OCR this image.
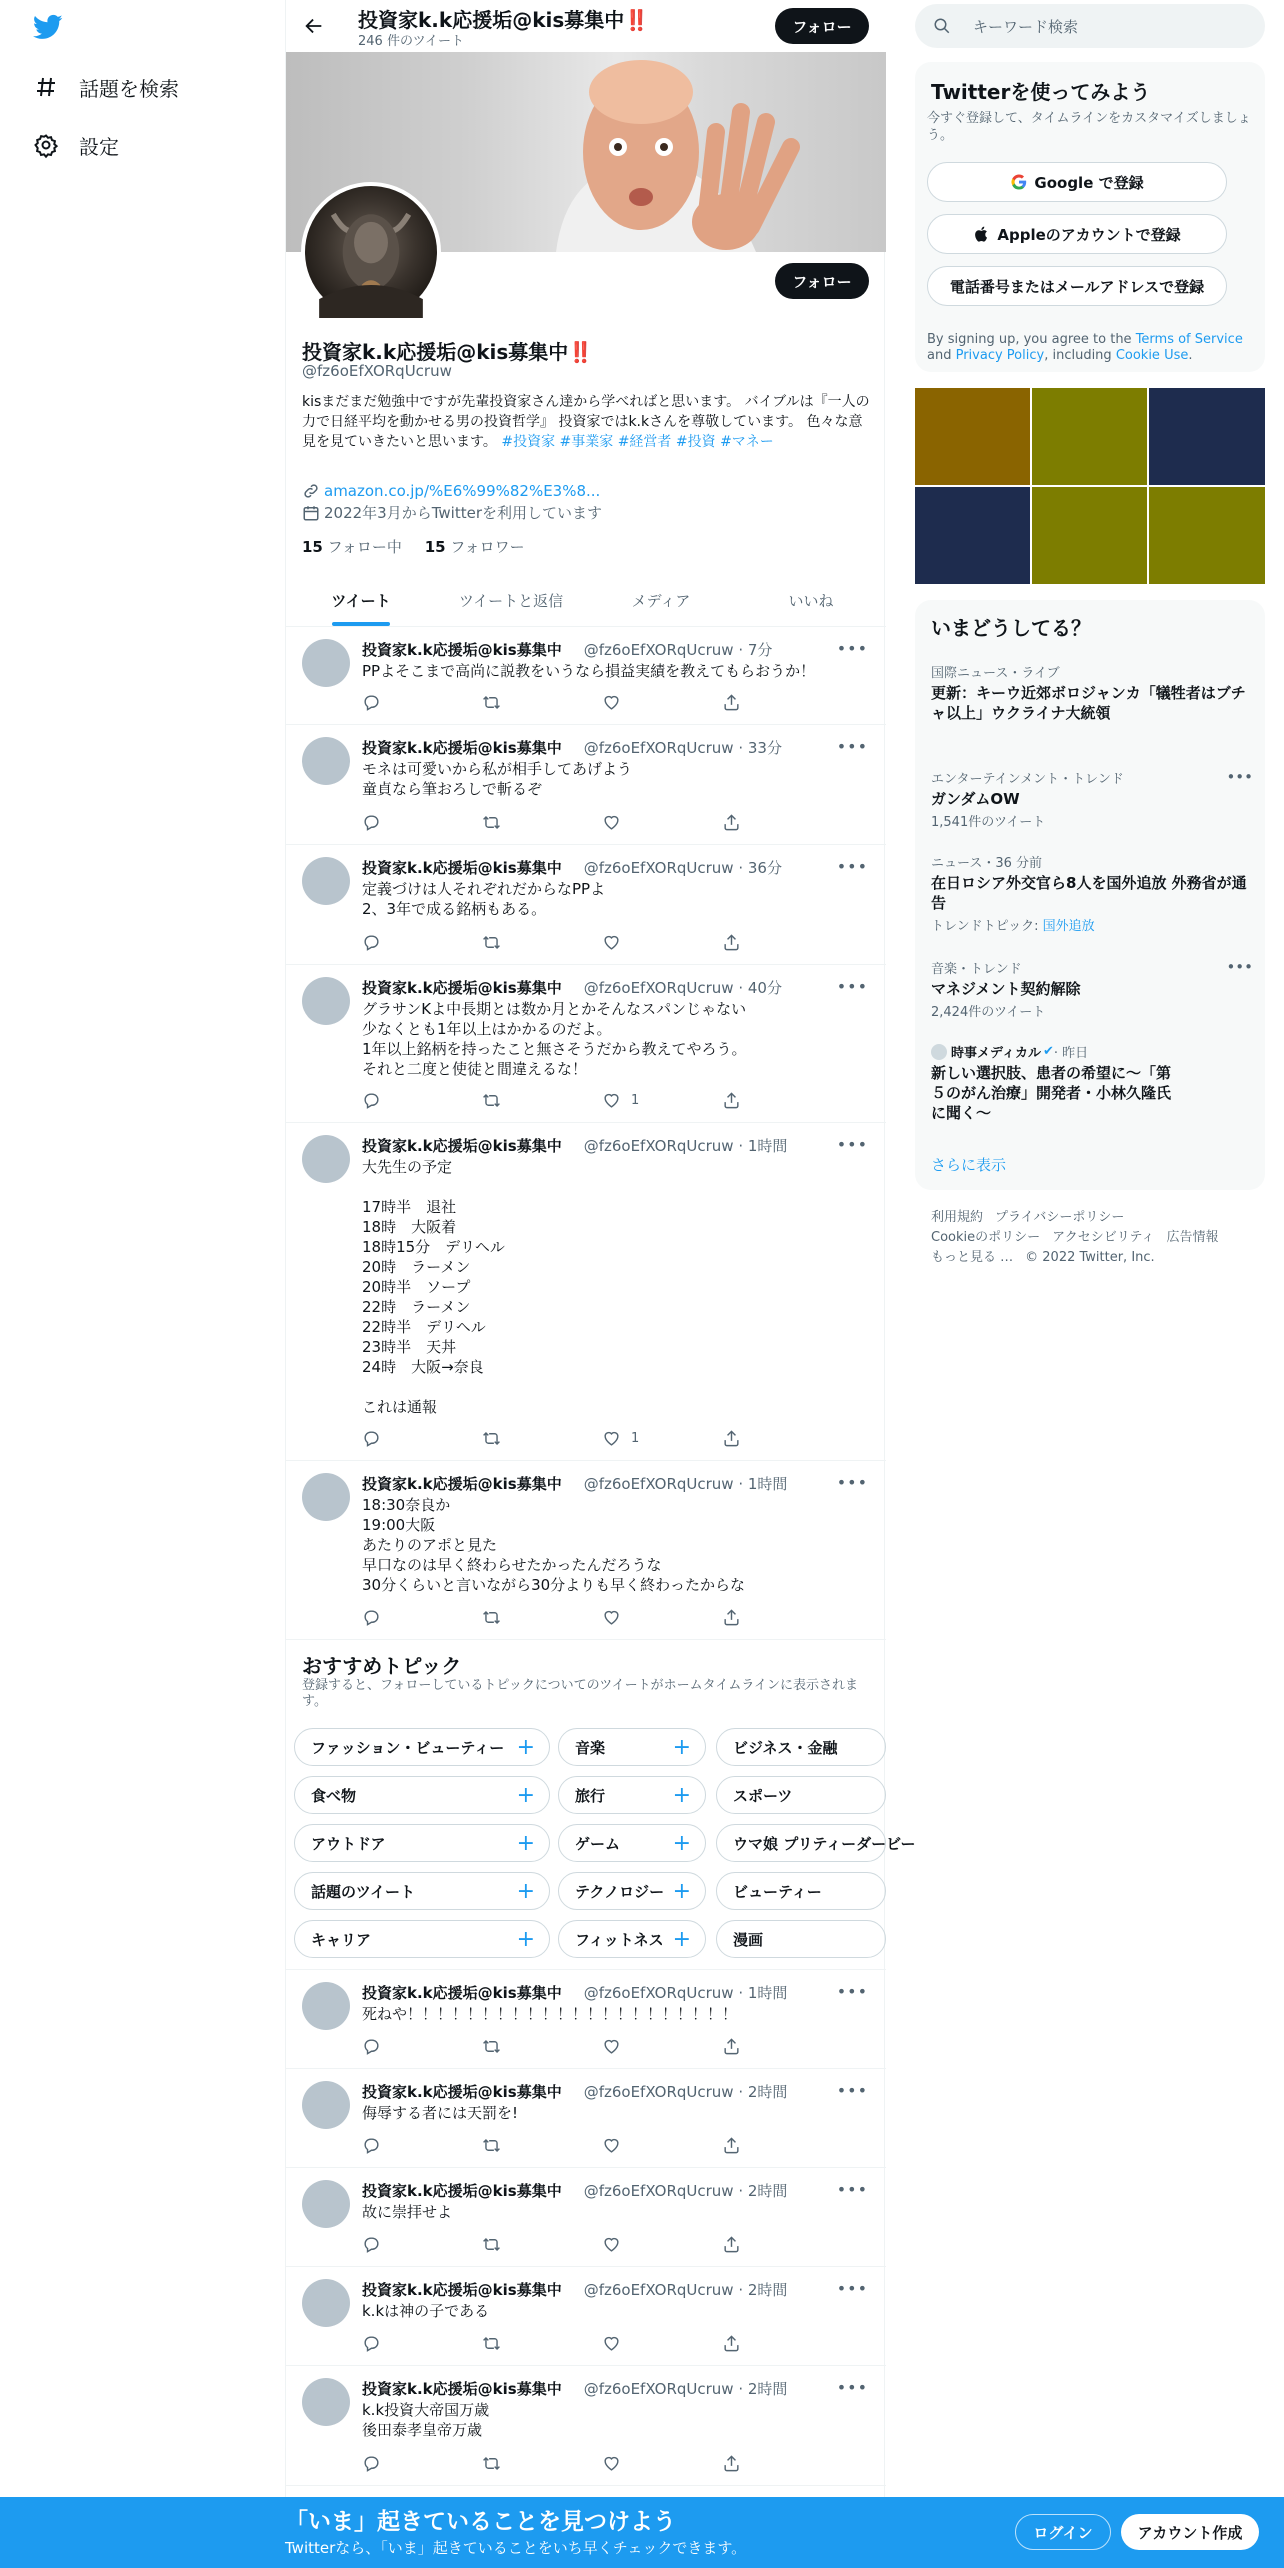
話題を検索
設定
投資家k.k応援垢@kis募集中‼️
246 件のツイート
フォロー
フォロー
投資家k.k応援垢@kis募集中‼️
@fz6oEfXORqUcruw
kisまだまだ勉強中ですが先輩投資家さん達から学べればと思います。 バイブルは『一人の力で日経平均を動かせる男の投資哲学』 投資家ではk.kさんを尊敬しています。 色々な意見を見ていきたいと思います。 #投資家 #事業家 #経営者 #投資 #マネー
amazon.co.jp/%E6%99%82%E3%8...
2022年3月からTwitterを利用しています
15 フォロー中 15 フォロワー
ツイート	ツイートと返信	メディア	いいね
投資家k.k応援垢@kis募集中 @fz6oEfXORqUcruw · 7分	•••
PPよそこまで高尚に説教をいうなら損益実績を教えてもらおうか！
投資家k.k応援垢@kis募集中 @fz6oEfXORqUcruw · 33分	•••
モネは可愛いから私が相手してあげよう
童貞なら筆おろしで斬るぞ
投資家k.k応援垢@kis募集中 @fz6oEfXORqUcruw · 36分	•••
定義づけは人それぞれだからなPPよ
2、3年で成る銘柄もある。
投資家k.k応援垢@kis募集中 @fz6oEfXORqUcruw · 40分	•••
グラサンKよ中長期とは数か月とかそんなスパンじゃない
少なくとも1年以上はかかるのだよ。
1年以上銘柄を持ったこと無さそうだから教えてやろう。
それと二度と使徒と間違えるな！
1
投資家k.k応援垢@kis募集中 @fz6oEfXORqUcruw · 1時間	•••
大先生の予定

17時半　退社
18時　大阪着
18時15分　デリヘル
20時　ラーメン
20時半　ソープ
22時　ラーメン
22時半　デリヘル
23時半　天丼
24時　大阪→奈良

これは通報
1
投資家k.k応援垢@kis募集中 @fz6oEfXORqUcruw · 1時間	•••
18:30奈良か
19:00大阪
あたりのアポと見た
早口なのは早く終わらせたかったんだろうな
30分くらいと言いながら30分よりも早く終わったからな
おすすめトピック
登録すると、フォローしているトピックについてのツイートがホームタイムラインに表示されます。
ファッション・ビューティー +	音楽	+	ビジネス・金融
食べ物	+	旅行	+	スポーツ
アウトドア	+	ゲーム +	ウマ娘 プリティーダービー
話題のツイート	+	テクノロジー +	ビューティー
キャリア	+	フィットネス +	漫画
投資家k.k応援垢@kis募集中 @fz6oEfXORqUcruw · 1時間	•••
死ねや！！！！！！！！！！！！！！！！！！！！！！
投資家k.k応援垢@kis募集中 @fz6oEfXORqUcruw · 2時間	•••
侮辱する者には天罰を!
投資家k.k応援垢@kis募集中 @fz6oEfXORqUcruw · 2時間	•••
故に崇拝せよ
投資家k.k応援垢@kis募集中 @fz6oEfXORqUcruw · 2時間	•••
k.kは神の子である
投資家k.k応援垢@kis募集中 @fz6oEfXORqUcruw · 2時間	•••
k.k投資大帝国万歳
後田泰孝皇帝万歳
キーワード検索
Twitterを使ってみよう
今すぐ登録して、タイムラインをカスタマイズしましょう。
Google で登録
Appleのアカウントで登録
電話番号またはメールアドレスで登録
By signing up, you agree to the Terms of Service and Privacy Policy, including Cookie Use.
いまどうしてる？
国際ニュース・ライブ
更新：キーウ近郊ボロジャンカ「犠牲者はブチャ以上」ウクライナ大統領
エンターテインメント・トレンド
ガンダムOW
1,541件のツイート
•••
ニュース・36 分前
在日ロシア外交官ら8人を国外追放 外務省が通告
トレンドトピック: 国外追放
音楽・トレンド
マネジメント契約解除
2,424件のツイート
•••
時事メディカル ✔ · 昨日
新しい選択肢、患者の希望に～「第５のがん治療」開発者・小林久隆氏に聞く～
さらに表示
利用規約 プライバシーポリシー
Cookieのポリシー アクセシビリティ 広告情報
もっと見る … © 2022 Twitter, Inc.
「いま」起きていることを見つけよう
Twitterなら、「いま」起きていることをいち早くチェックできます。
ログイン	アカウント作成
